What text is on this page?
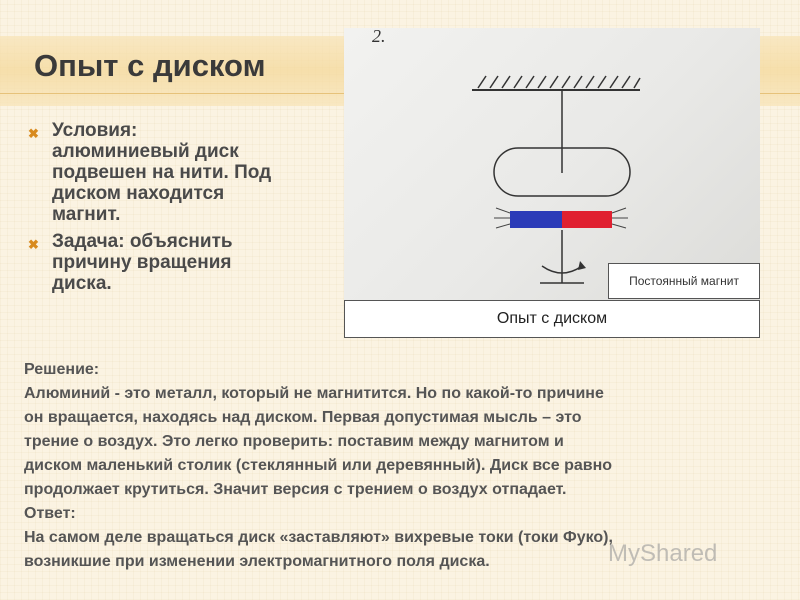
Опыт с диском
✖ Условия:
алюминиевый диск
подвешен на нити. Под
диском находится
магнит.
✖ Задача: объяснить
причину вращения
диска.
2.
Постоянный магнит
Опыт с диском
Решение:
Алюминий - это металл, который не магнитится. Но по какой-то причине
он вращается, находясь над диском. Первая допустимая мысль – это
трение о воздух. Это легко проверить: поставим между магнитом и
диском маленький столик (стеклянный или деревянный). Диск все равно
продолжает крутиться. Значит версия с трением о воздух отпадает.
Ответ:
На самом деле вращаться диск «заставляют» вихревые токи (токи Фуко),
возникшие при изменении электромагнитного поля диска.	MyShared
